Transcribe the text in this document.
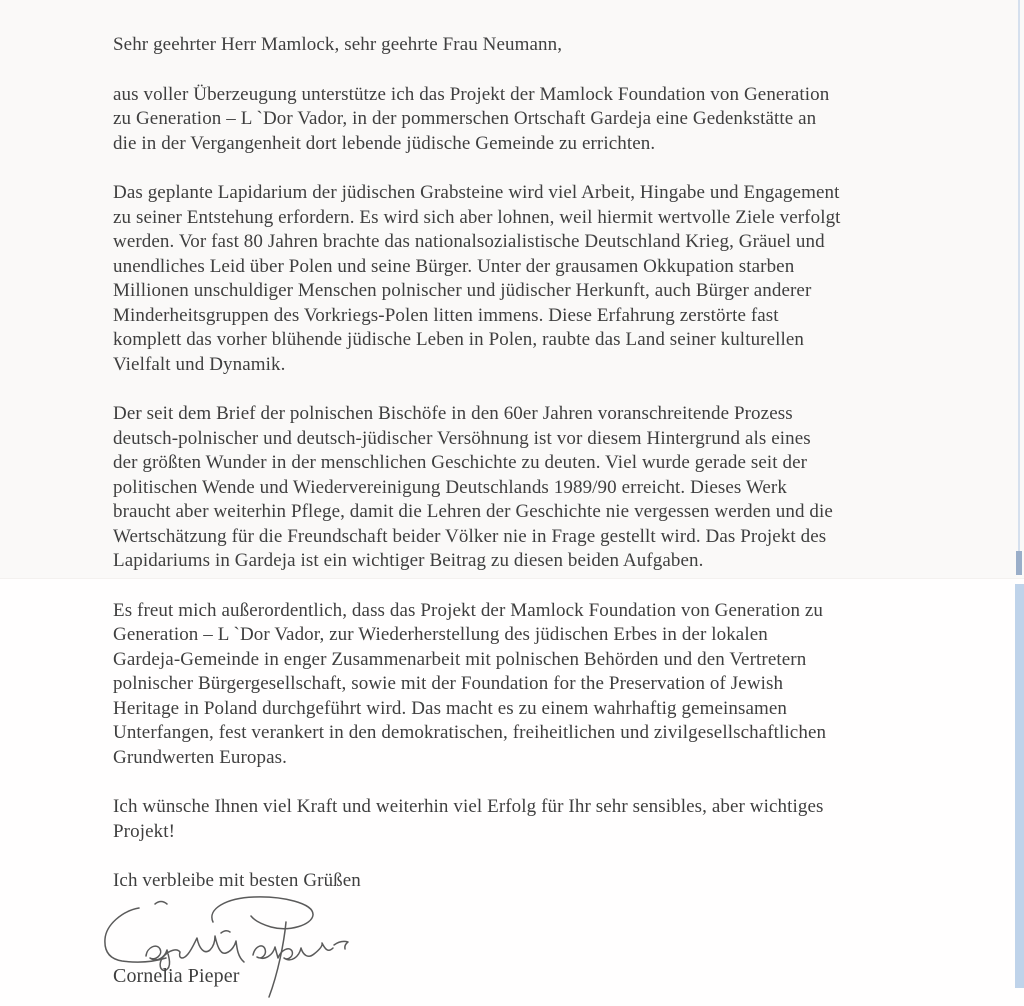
Sehr geehrter Herr Mamlock, sehr geehrte Frau Neumann,
aus voller Überzeugung unterstütze ich das Projekt der Mamlock Foundation von Generation
zu Generation – L `Dor Vador, in der pommerschen Ortschaft Gardeja eine Gedenkstätte an
die in der Vergangenheit dort lebende jüdische Gemeinde zu errichten.
Das geplante Lapidarium der jüdischen Grabsteine wird viel Arbeit, Hingabe und Engagement
zu seiner Entstehung erfordern. Es wird sich aber lohnen, weil hiermit wertvolle Ziele verfolgt
werden. Vor fast 80 Jahren brachte das nationalsozialistische Deutschland Krieg, Gräuel und
unendliches Leid über Polen und seine Bürger. Unter der grausamen Okkupation starben
Millionen unschuldiger Menschen polnischer und jüdischer Herkunft, auch Bürger anderer
Minderheitsgruppen des Vorkriegs-Polen litten immens. Diese Erfahrung zerstörte fast
komplett das vorher blühende jüdische Leben in Polen, raubte das Land seiner kulturellen
Vielfalt und Dynamik.
Der seit dem Brief der polnischen Bischöfe in den 60er Jahren voranschreitende Prozess
deutsch-polnischer und deutsch-jüdischer Versöhnung ist vor diesem Hintergrund als eines
der größten Wunder in der menschlichen Geschichte zu deuten. Viel wurde gerade seit der
politischen Wende und Wiedervereinigung Deutschlands 1989/90 erreicht. Dieses Werk
braucht aber weiterhin Pflege, damit die Lehren der Geschichte nie vergessen werden und die
Wertschätzung für die Freundschaft beider Völker nie in Frage gestellt wird. Das Projekt des
Lapidariums in Gardeja ist ein wichtiger Beitrag zu diesen beiden Aufgaben.
Es freut mich außerordentlich, dass das Projekt der Mamlock Foundation von Generation zu
Generation – L `Dor Vador, zur Wiederherstellung des jüdischen Erbes in der lokalen
Gardeja-Gemeinde in enger Zusammenarbeit mit polnischen Behörden und den Vertretern
polnischer Bürgergesellschaft, sowie mit der Foundation for the Preservation of Jewish
Heritage in Poland durchgeführt wird. Das macht es zu einem wahrhaftig gemeinsamen
Unterfangen, fest verankert in den demokratischen, freiheitlichen und zivilgesellschaftlichen
Grundwerten Europas.
Ich wünsche Ihnen viel Kraft und weiterhin viel Erfolg für Ihr sehr sensibles, aber wichtiges
Projekt!
Ich verbleibe mit besten Grüßen
Cornelia Pieper
